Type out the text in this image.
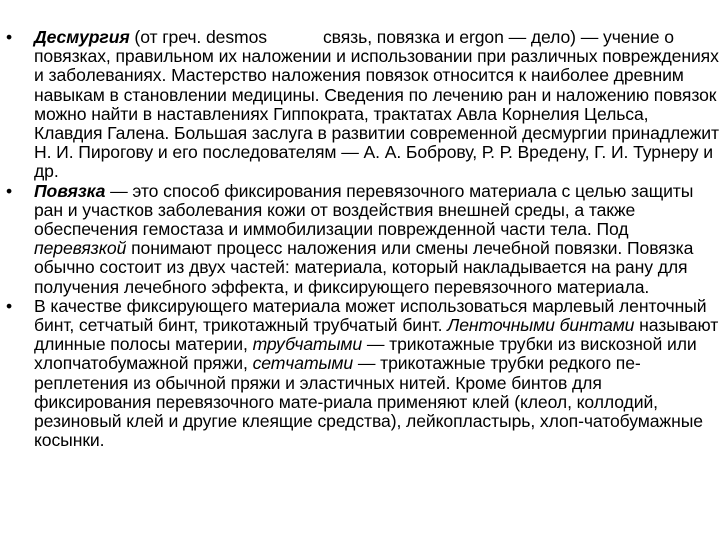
• Десмургия (от греч. desmos	связь, повязка и ergon — дело) — учение о повязках, правильном их наложении и использовании при различных повреждениях и заболеваниях. Мастерство наложения повязок относится к наиболее древним навыкам в становлении медицины. Сведения по лечению ран и наложению повязок можно найти в наставлениях Гиппократа, трактатах Авла Корнелия Цельса, Клавдия Галена. Большая заслуга в развитии современной десмургии принадлежит Н. И. Пирогову и его последователям — А. А. Боброву, Р. Р. Вредену, Г. И. Турнеру и др.
• Повязка — это способ фиксирования перевязочного материала с целью защиты ран и участков заболевания кожи от воздействия внешней среды, а также обеспечения гемостаза и иммобилизации поврежденной части тела. Под перевязкой понимают процесс наложения или смены лечебной повязки. Повязка обычно состоит из двух частей: материала, который накладывается на рану для получения лечебного эффекта, и фиксирующего перевязочного материала.
• В качестве фиксирующего материала может использоваться марлевый ленточный бинт, сетчатый бинт, трикотажный трубчатый бинт. Ленточными бинтами называют длинные полосы материи, трубчатыми — трикотажные трубки из вискозной или хлопчатобумажной пряжи, сетчатыми — трикотажные трубки редкого пе-реплетения из обычной пряжи и эластичных нитей. Кроме бинтов для фиксирования перевязочного мате-риала применяют клей (клеол, коллодий, резиновый клей и другие клеящие средства), лейкопластырь, хлоп-чатобумажные косынки.
